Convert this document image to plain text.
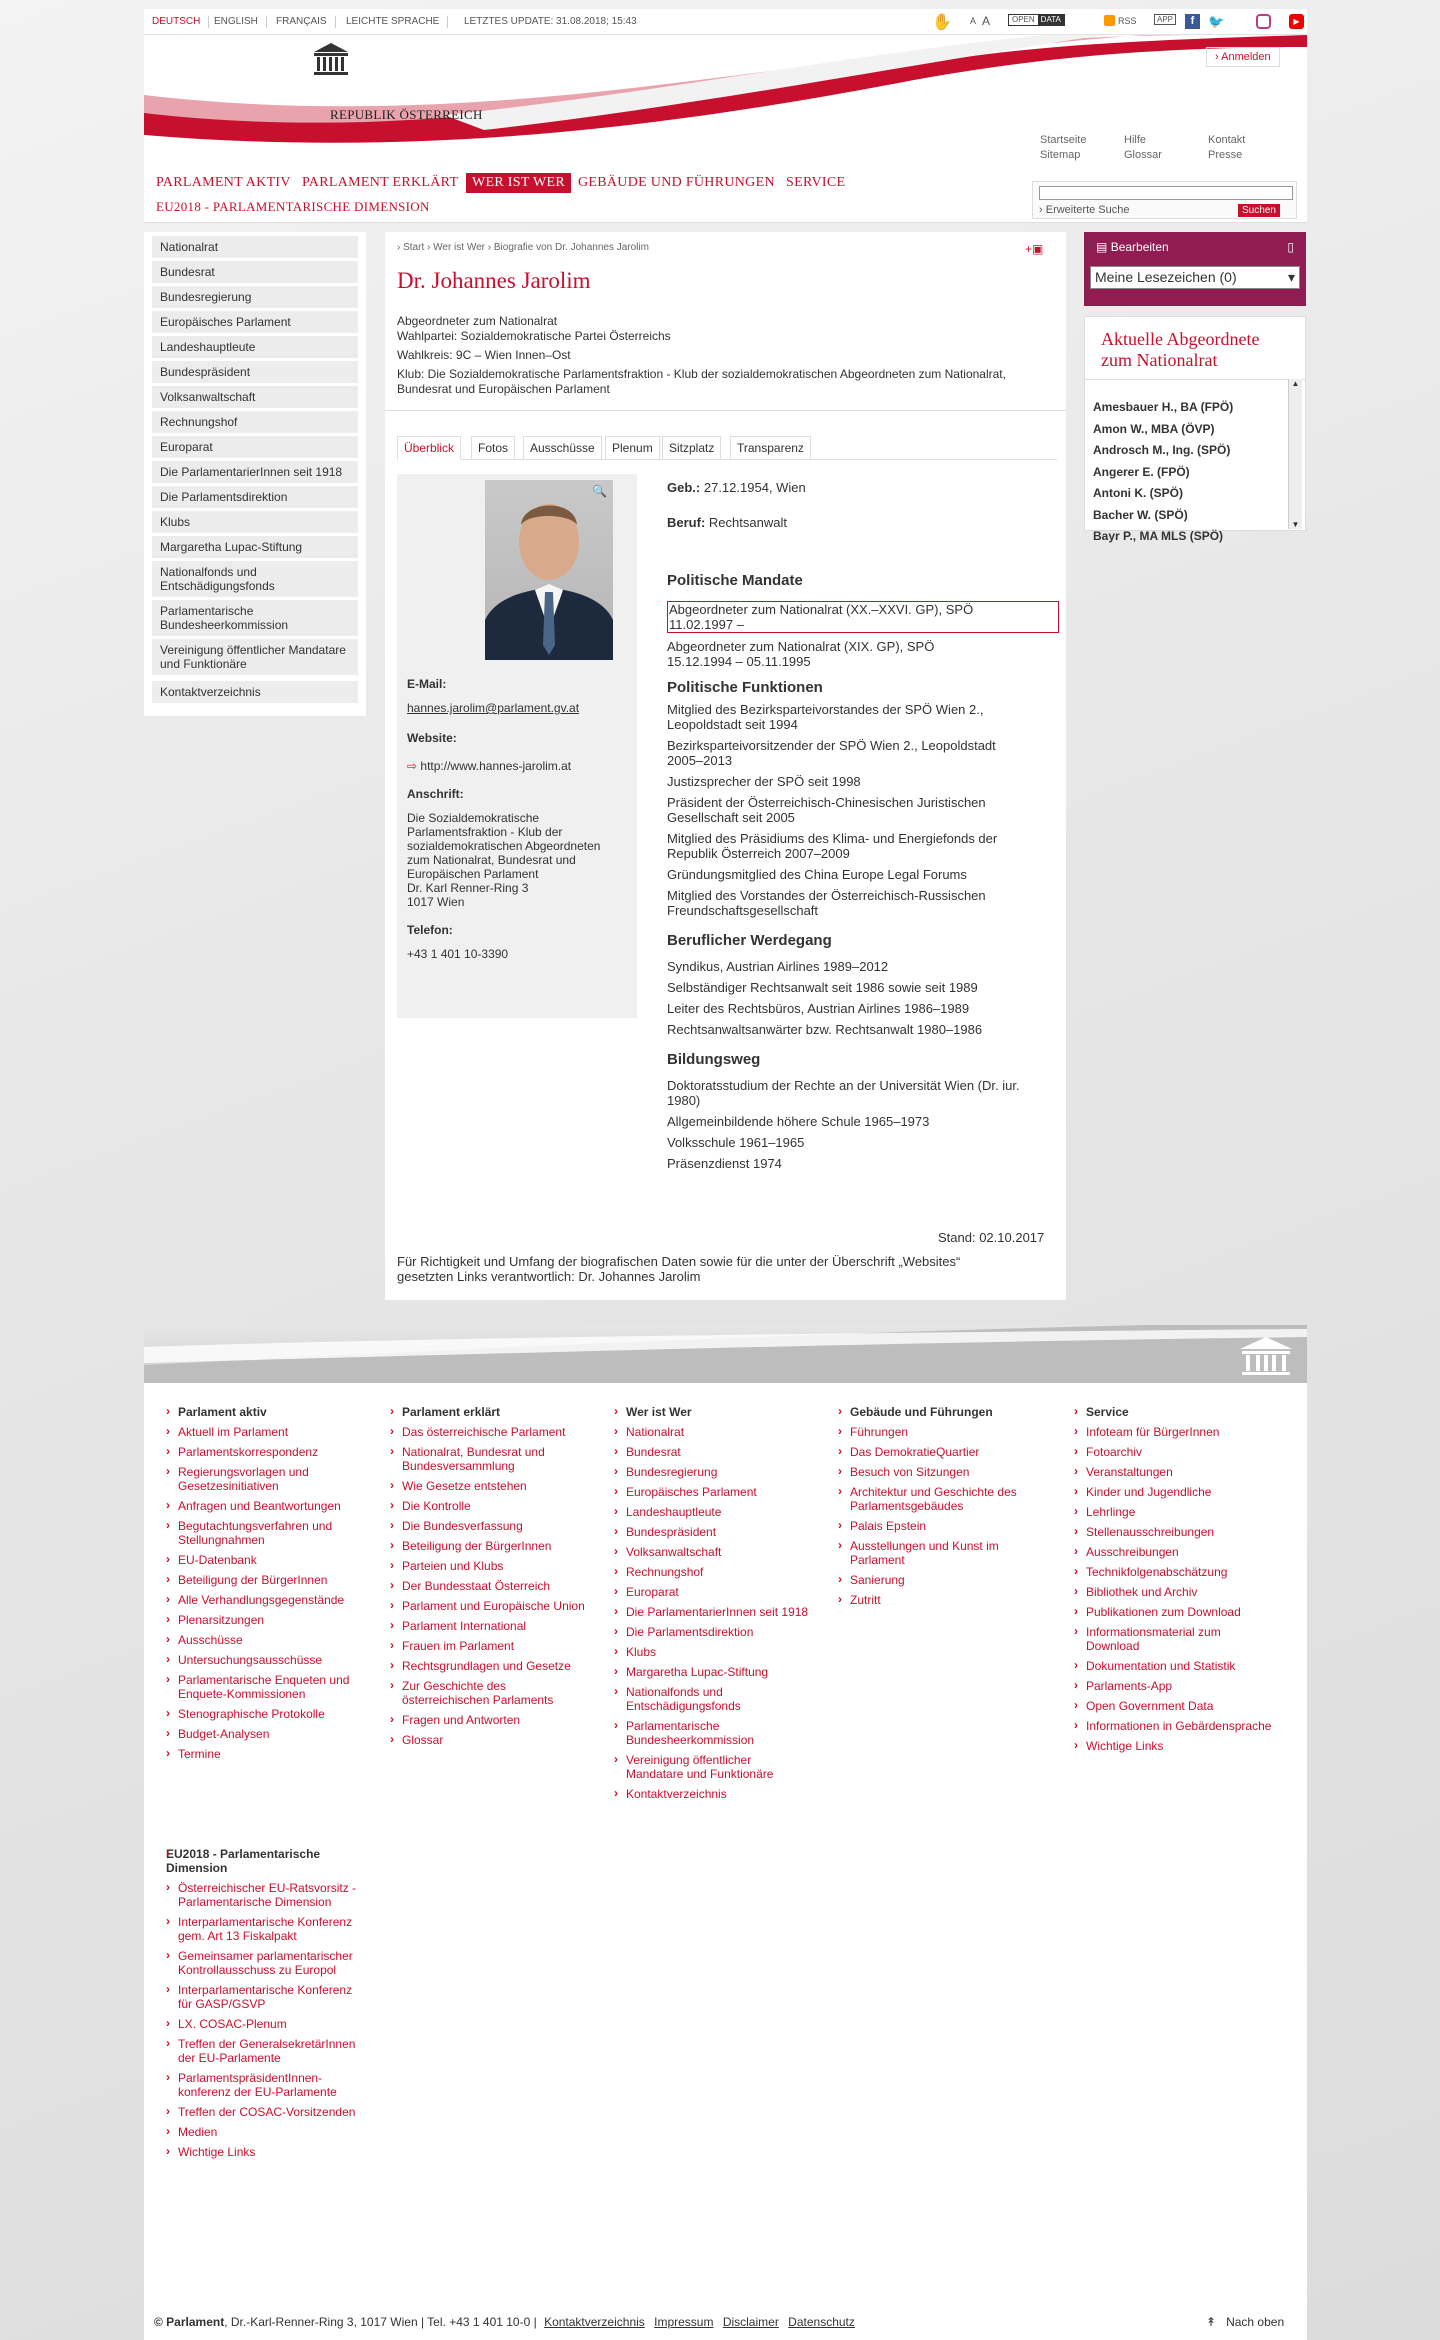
DEUTSCH	ENGLISH	FRANÇAIS	LEICHTE SPRACHE	LETZTES UPDATE: 31.08.2018; 15:43	✋ A A	OPEN DATA	RSS	APP	f	🐦	▶
REPUBLIK ÖSTERREICH
Parlament
› Anmelden
Startseite	Hilfe	Kontakt
Sitemap	Glossar	Presse
PARLAMENT AKTIV PARLAMENT ERKLÄRT WER IST WER GEBÄUDE UND FÜHRUNGEN SERVICE
EU2018 - PARLAMENTARISCHE DIMENSION	› Erweiterte Suche	Suchen
Nationalrat
Bundesrat
Bundesregierung
Europäisches Parlament
Landeshauptleute
Bundespräsident
Volksanwaltschaft
Rechnungshof
Europarat
Die ParlamentarierInnen seit 1918
Die Parlamentsdirektion
Klubs
Margaretha Lupac-Stiftung
Nationalfonds und Entschädigungsfonds
Parlamentarische Bundesheerkommission
Vereinigung öffentlicher Mandatare und Funktionäre
Kontaktverzeichnis
› Start › Wer ist Wer › Biografie von Dr. Johannes Jarolim	+▣
Dr. Johannes Jarolim
Abgeordneter zum Nationalrat
Wahlpartei: Sozialdemokratische Partei Österreichs
Wahlkreis: 9C – Wien Innen–Ost
Klub: Die Sozialdemokratische Parlamentsfraktion - Klub der sozialdemokratischen Abgeordneten zum Nationalrat, Bundesrat und Europäischen Parlament
Überblick	Fotos	Ausschüsse	Plenum	Sitzplatz	Transparenz
🔍
E-Mail:
hannes.jarolim@parlament.gv.at
Website:
⇨ http://www.hannes-jarolim.at
Anschrift:
Die Sozialdemokratische
Parlamentsfraktion - Klub der
sozialdemokratischen Abgeordneten
zum Nationalrat, Bundesrat und
Europäischen Parlament
Dr. Karl Renner-Ring 3
1017 Wien
Telefon:
+43 1 401 10-3390
Geb.: 27.12.1954, Wien
Beruf: Rechtsanwalt
Politische Mandate
Abgeordneter zum Nationalrat (XX.–XXVI. GP), SPÖ
11.02.1997 –
Abgeordneter zum Nationalrat (XIX. GP), SPÖ
15.12.1994 – 05.11.1995
Politische Funktionen
Mitglied des Bezirksparteivorstandes der SPÖ Wien 2.,
Leopoldstadt seit 1994
Bezirksparteivorsitzender der SPÖ Wien 2., Leopoldstadt
2005–2013
Justizsprecher der SPÖ seit 1998
Präsident der Österreichisch-Chinesischen Juristischen
Gesellschaft seit 2005
Mitglied des Präsidiums des Klima- und Energiefonds der
Republik Österreich 2007–2009
Gründungsmitglied des China Europe Legal Forums
Mitglied des Vorstandes der Österreichisch-Russischen
Freundschaftsgesellschaft
Beruflicher Werdegang
Syndikus, Austrian Airlines 1989–2012
Selbständiger Rechtsanwalt seit 1986 sowie seit 1989
Leiter des Rechtsbüros, Austrian Airlines 1986–1989
Rechtsanwaltsanwärter bzw. Rechtsanwalt 1980–1986
Bildungsweg
Doktoratsstudium der Rechte an der Universität Wien (Dr. iur.
1980)
Allgemeinbildende höhere Schule 1965–1973
Volksschule 1961–1965
Präsenzdienst 1974
Stand: 02.10.2017
Für Richtigkeit und Umfang der biografischen Daten sowie für die unter der Überschrift „Websites“
gesetzten Links verantwortlich: Dr. Johannes Jarolim
▤ Bearbeiten	▯
Meine Lesezeichen (0)	▾
Aktuelle Abgeordnete
zum Nationalrat
Amesbauer H., BA (FPÖ)
Amon W., MBA (ÖVP)
Androsch M., Ing. (SPÖ)
Angerer E. (FPÖ)
Antoni K. (SPÖ)
Bacher W. (SPÖ)
Bayr P., MA MLS (SPÖ)
▲
▼
› Parlament aktiv
› Aktuell im Parlament
› Parlamentskorrespondenz
› Regierungsvorlagen und Gesetzesinitiativen
› Anfragen und Beantwortungen
› Begutachtungsverfahren und Stellungnahmen
› EU-Datenbank
› Beteiligung der BürgerInnen
› Alle Verhandlungsgegenstände
› Plenarsitzungen
› Ausschüsse
› Untersuchungsausschüsse
› Parlamentarische Enqueten und Enquete-Kommissionen
› Stenographische Protokolle
› Budget-Analysen
› Termine
› Parlament erklärt
› Das österreichische Parlament
› Nationalrat, Bundesrat und Bundesversammlung
› Wie Gesetze entstehen
› Die Kontrolle
› Die Bundesverfassung
› Beteiligung der BürgerInnen
› Parteien und Klubs
› Der Bundesstaat Österreich
› Parlament und Europäische Union
› Parlament International
› Frauen im Parlament
› Rechtsgrundlagen und Gesetze
› Zur Geschichte des österreichischen Parlaments
› Fragen und Antworten
› Glossar
› Wer ist Wer
› Nationalrat
› Bundesrat
› Bundesregierung
› Europäisches Parlament
› Landeshauptleute
› Bundespräsident
› Volksanwaltschaft
› Rechnungshof
› Europarat
› Die ParlamentarierInnen seit 1918
› Die Parlamentsdirektion
› Klubs
› Margaretha Lupac-Stiftung
› Nationalfonds und Entschädigungsfonds
› Parlamentarische Bundesheerkommission
› Vereinigung öffentlicher Mandatare und Funktionäre
› Kontaktverzeichnis
› Gebäude und Führungen
› Führungen
› Das DemokratieQuartier
› Besuch von Sitzungen
› Architektur und Geschichte des Parlamentsgebäudes
› Palais Epstein
› Ausstellungen und Kunst im Parlament
› Sanierung
› Zutritt
› Service
› Infoteam für BürgerInnen
› Fotoarchiv
› Veranstaltungen
› Kinder und Jugendliche
› Lehrlinge
› Stellenausschreibungen
› Ausschreibungen
› Technikfolgenabschätzung
› Bibliothek und Archiv
› Publikationen zum Download
› Informationsmaterial zum Download
› Dokumentation und Statistik
› Parlaments-App
› Open Government Data
› Informationen in Gebärdensprache
› Wichtige Links
› EU2018 - Parlamentarische Dimension
› Österreichischer EU-Ratsvorsitz - Parlamentarische Dimension
› Interparlamentarische Konferenz gem. Art 13 Fiskalpakt
› Gemeinsamer parlamentarischer Kontrollausschuss zu Europol
› Interparlamentarische Konferenz für GASP/GSVP
› LX. COSAC-Plenum
› Treffen der GeneralsekretärInnen der EU-Parlamente
› ParlamentspräsidentInnen-konferenz der EU-Parlamente
› Treffen der COSAC-Vorsitzenden
› Medien
› Wichtige Links
© Parlament, Dr.-Karl-Renner-Ring 3, 1017 Wien | Tel. +43 1 401 10-0 | Kontaktverzeichnis Impressum Disclaimer Datenschutz	↟ Nach oben
